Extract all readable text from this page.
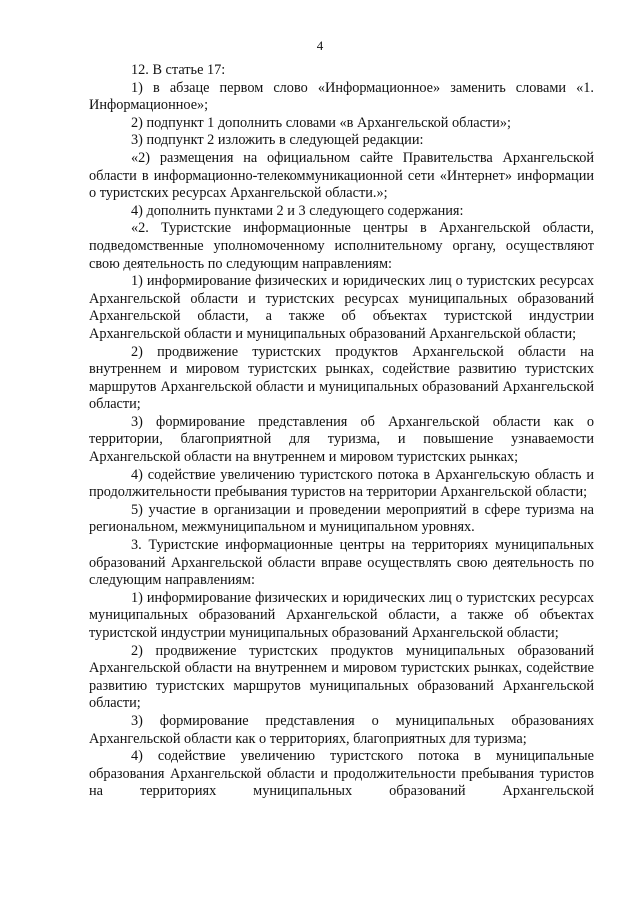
4

12. В статье 17:

1) в абзаце первом слово «Информационное» заменить словами «1. Информационное»;

2) подпункт 1 дополнить словами «в Архангельской области»;

3) подпункт 2 изложить в следующей редакции:

«2) размещения на официальном сайте Правительства Архангельской области в информационно-телекоммуникационной сети «Интернет» информации о туристских ресурсах Архангельской области.»;

4) дополнить пунктами 2 и 3 следующего содержания:

«2. Туристские информационные центры в Архангельской области, подведомственные уполномоченному исполнительному органу, осуществляют свою деятельность по следующим направлениям:

1) информирование физических и юридических лиц о туристских ресурсах Архангельской области и туристских ресурсах муниципальных образований Архангельской области, а также об объектах туристской индустрии Архангельской области и муниципальных образований Архангельской области;

2) продвижение туристских продуктов Архангельской области на внутреннем и мировом туристских рынках, содействие развитию туристских маршрутов Архангельской области и муниципальных образований Архангельской области;

3) формирование представления об Архангельской области как о территории, благоприятной для туризма, и повышение узнаваемости Архангельской области на внутреннем и мировом туристских рынках;

4) содействие увеличению туристского потока в Архангельскую область и продолжительности пребывания туристов на территории Архангельской области;

5) участие в организации и проведении мероприятий в сфере туризма на региональном, межмуниципальном и муниципальном уровнях.

3. Туристские информационные центры на территориях муниципальных образований Архангельской области вправе осуществлять свою деятельность по следующим направлениям:

1) информирование физических и юридических лиц о туристских ресурсах муниципальных образований Архангельской области, а также об объектах туристской индустрии муниципальных образований Архангельской области;

2) продвижение туристских продуктов муниципальных образований Архангельской области на внутреннем и мировом туристских рынках, содействие развитию туристских маршрутов муниципальных образований Архангельской области;

3) формирование представления о муниципальных образованиях Архангельской области как о территориях, благоприятных для туризма;

4) содействие увеличению туристского потока в муниципальные образования Архангельской области и продолжительности пребывания туристов на территориях муниципальных образований Архангельской
